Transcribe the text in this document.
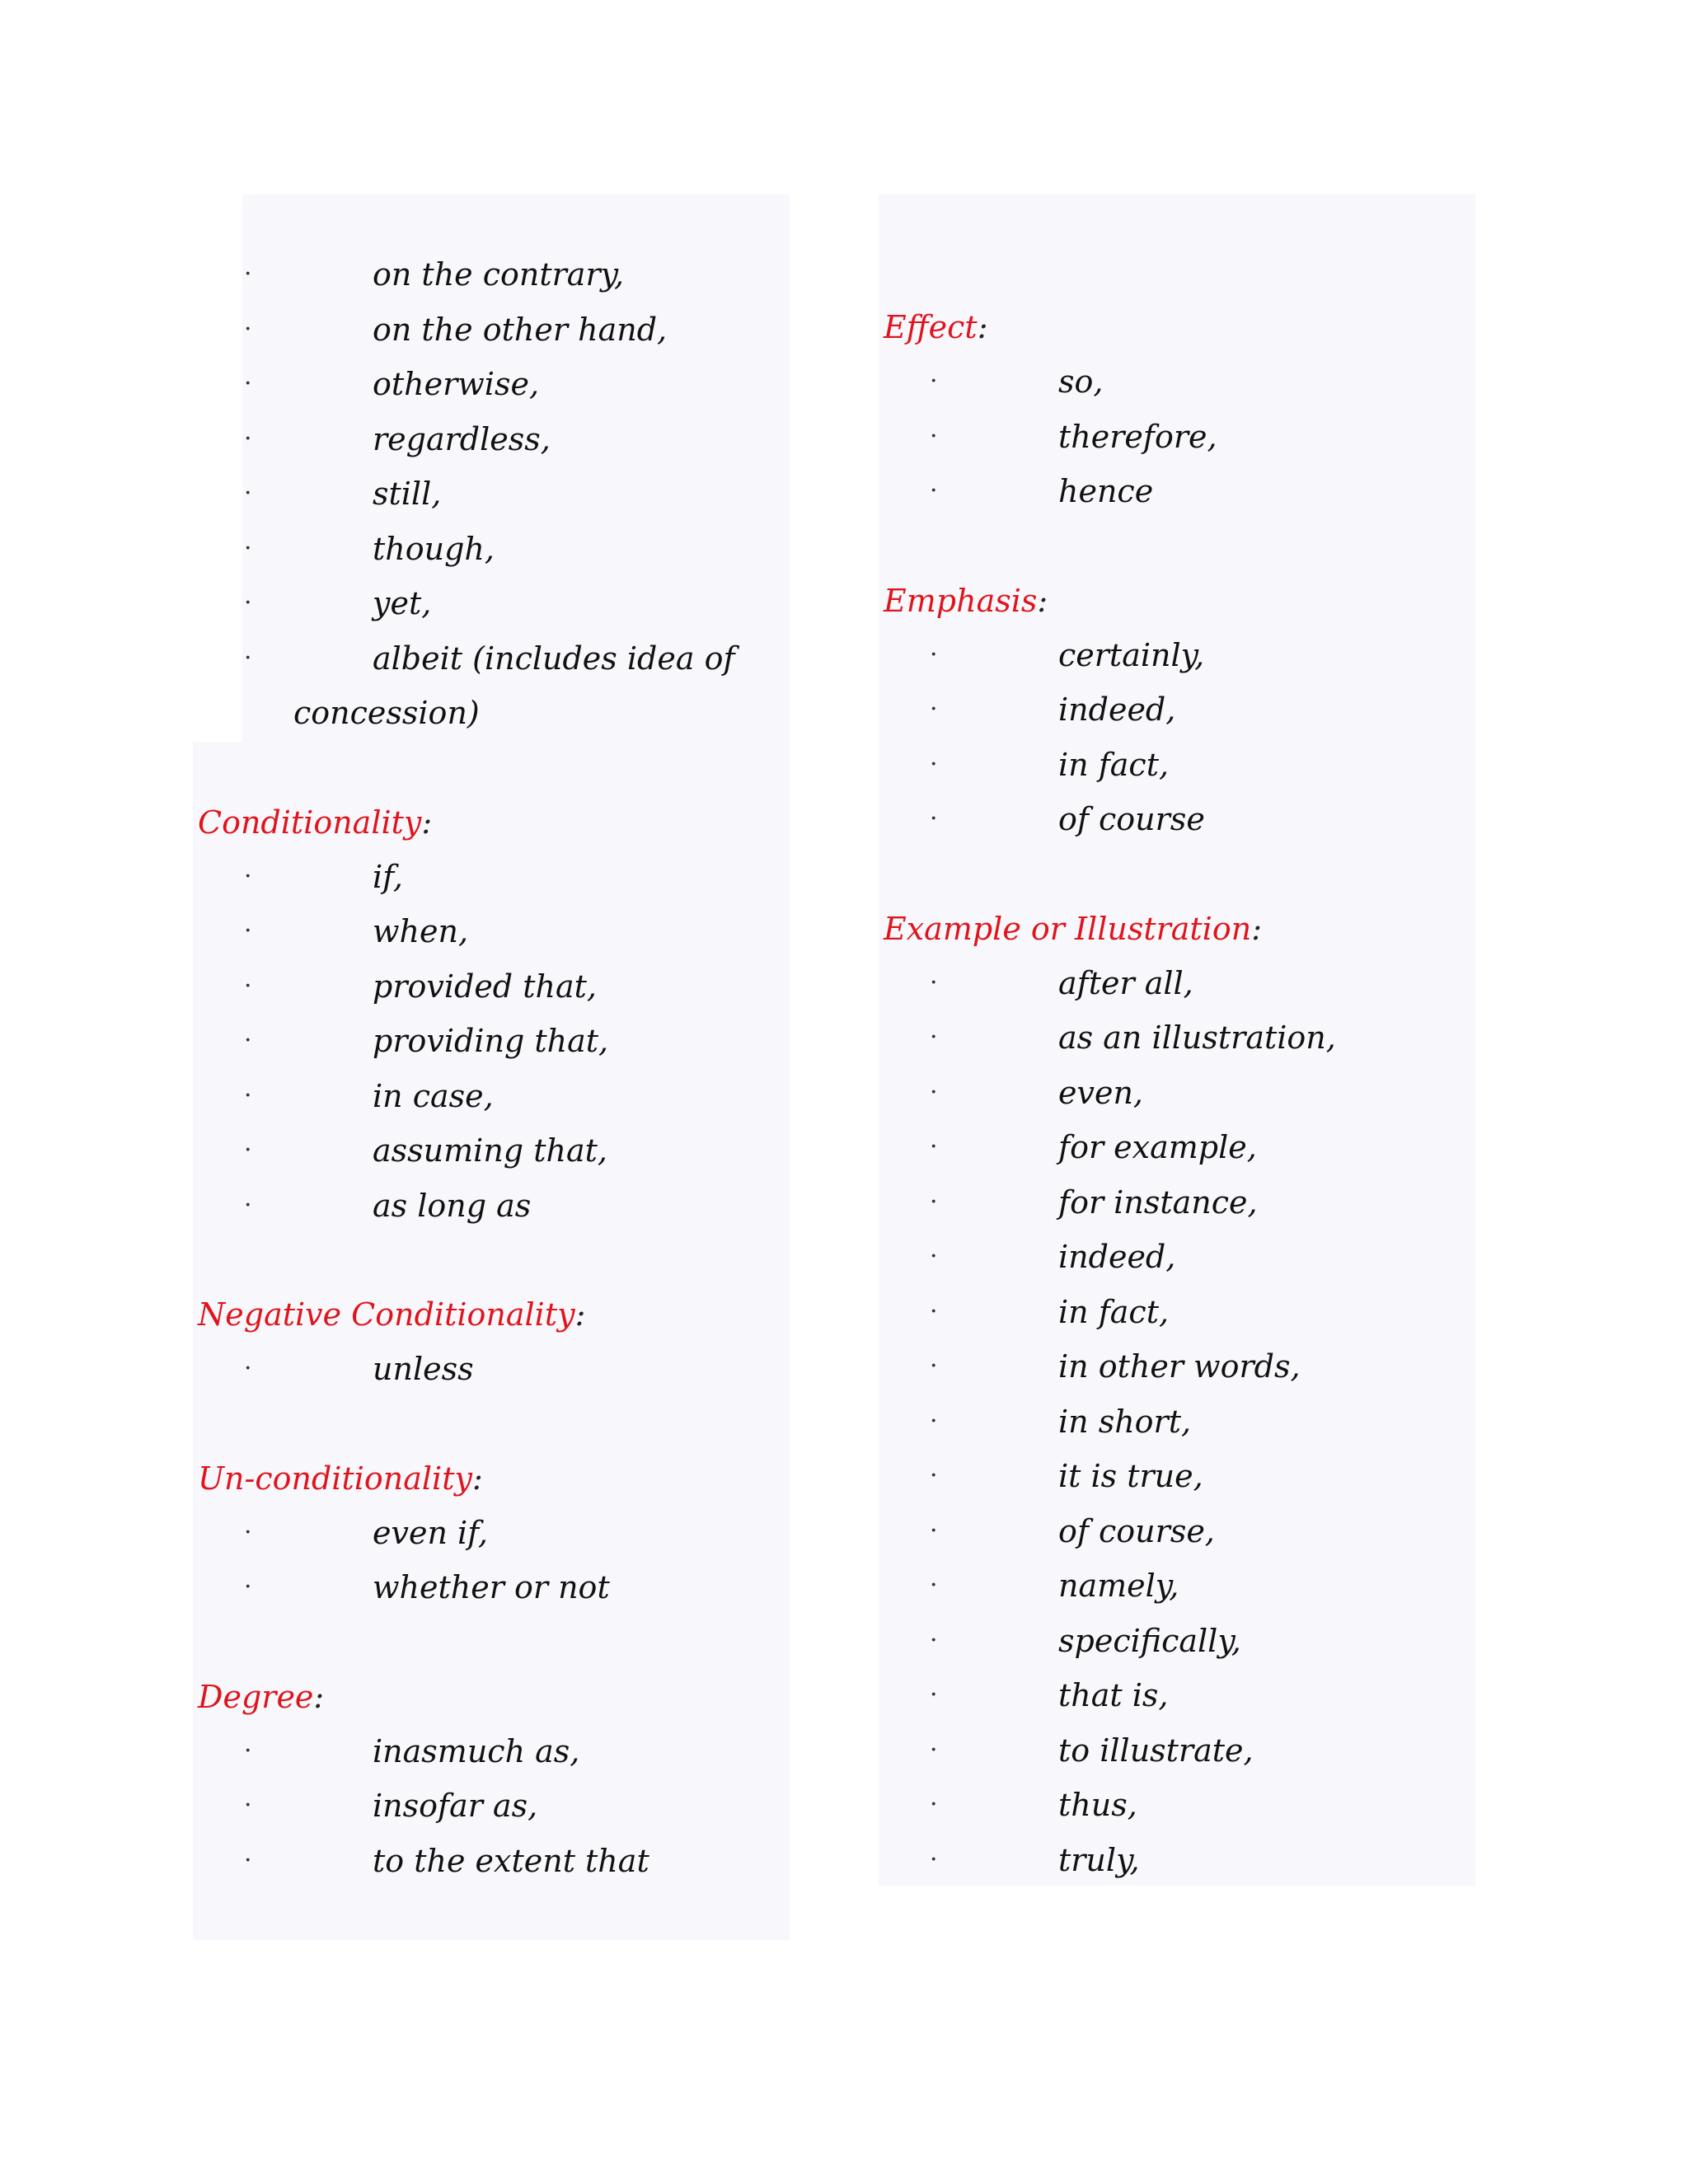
·	on the contrary,
·	on the other hand,
·	otherwise,
·	regardless,
·	still,
·	though,
·	yet,
·	albeit (includes idea of
concession)
Conditionality:
·	if,
·	when,
·	provided that,
·	providing that,
·	in case,
·	assuming that,
·	as long as
Negative Conditionality:
·	unless
Un-conditionality:
·	even if,
·	whether or not
Degree:
·	inasmuch as,
·	insofar as,
·	to the extent that
Effect:
·	so,
·	therefore,
·	hence
Emphasis:
·	certainly,
·	indeed,
·	in fact,
·	of course
Example or Illustration:
·	after all,
·	as an illustration,
·	even,
·	for example,
·	for instance,
·	indeed,
·	in fact,
·	in other words,
·	in short,
·	it is true,
·	of course,
·	namely,
·	specifically,
·	that is,
·	to illustrate,
·	thus,
·	truly,
